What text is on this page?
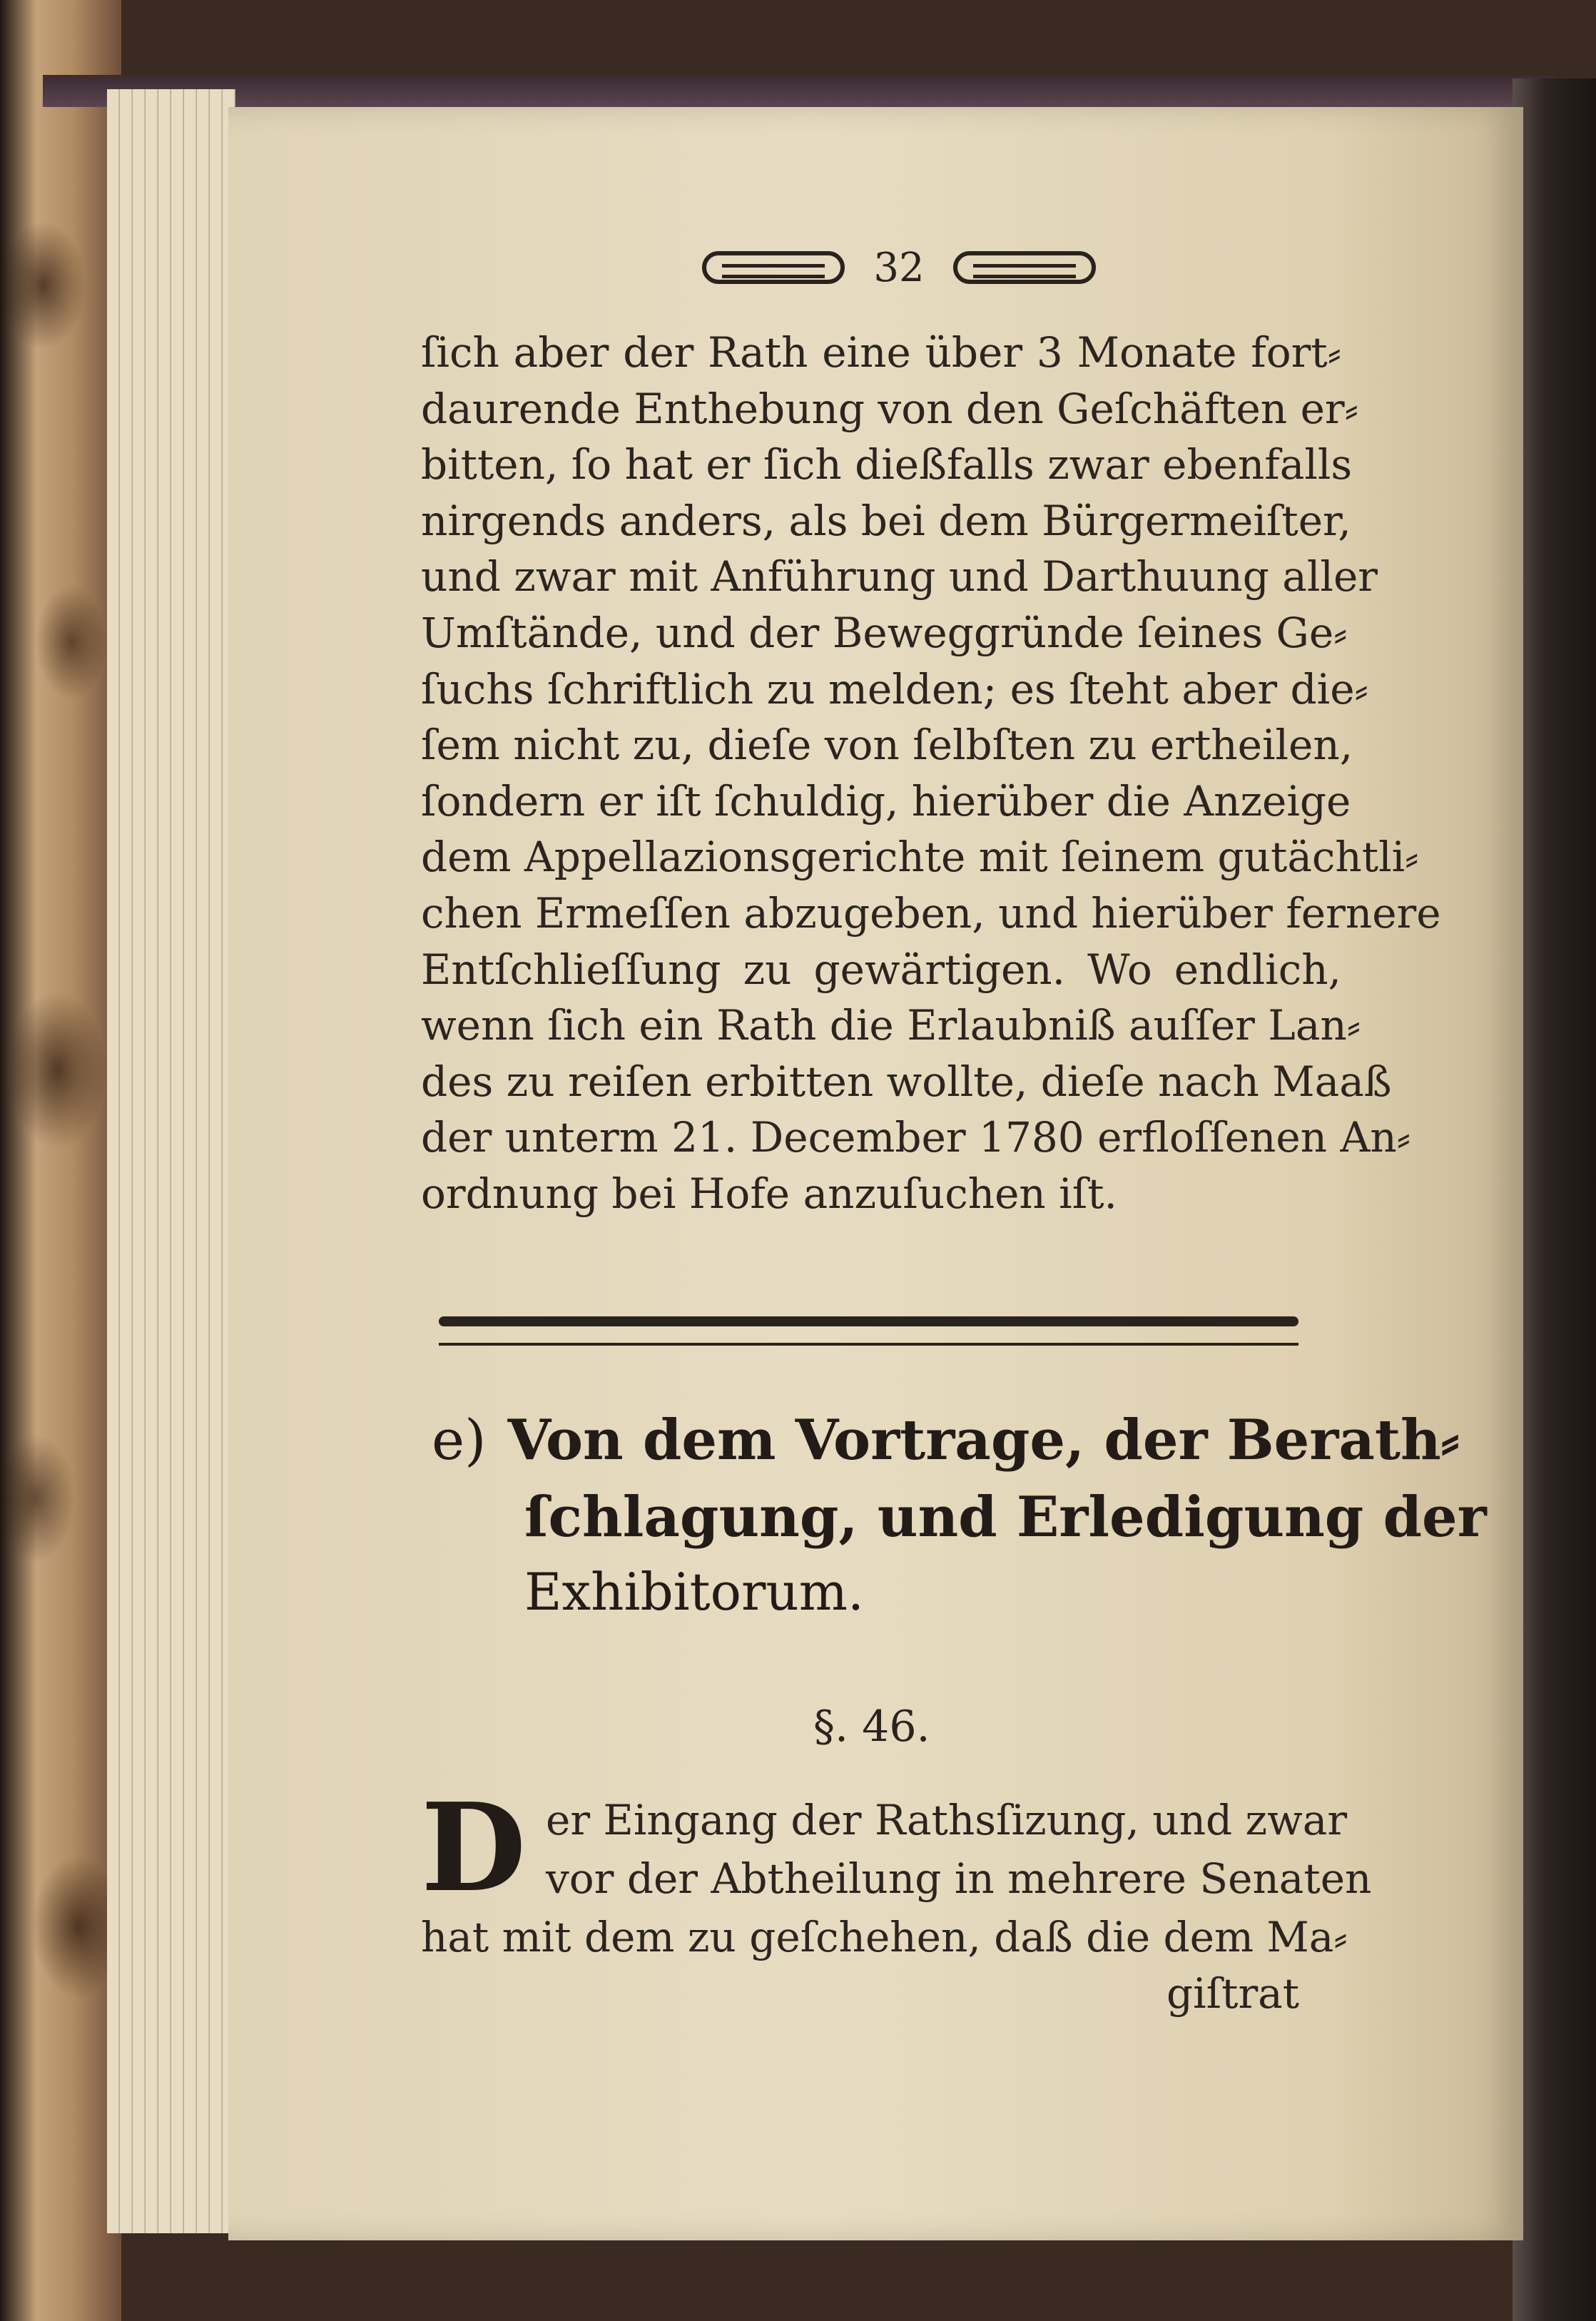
32
ſich aber der Rath eine über 3 Monate fort⸗
daurende Enthebung von den Geſchäften er⸗
bitten, ſo hat er ſich dießfalls zwar ebenfalls
nirgends anders, als bei dem Bürgermeiſter,
und zwar mit Anführung und Darthuung aller
Umſtände, und der Beweggründe ſeines Ge⸗
ſuchs ſchriftlich zu melden; es ſteht aber die⸗
ſem nicht zu, dieſe von ſelbſten zu ertheilen,
ſondern er iſt ſchuldig, hierüber die Anzeige
dem Appellazionsgerichte mit ſeinem gutächtli⸗
chen Ermeſſen abzugeben, und hierüber fernere
Entſchlieſſung zu gewärtigen. Wo endlich,
wenn ſich ein Rath die Erlaubniß auſſer Lan⸗
des zu reiſen erbitten wollte, dieſe nach Maaß
der unterm 21. December 1780 erfloſſenen An⸗
ordnung bei Hofe anzuſuchen iſt.
e) Von dem Vortrage, der Berath⸗
ſchlagung, und Erledigung der
Exhibitorum.
§. 46.
D er Eingang der Rathsſizung, und zwar
vor der Abtheilung in mehrere Senaten
hat mit dem zu geſchehen, daß die dem Ma⸗
giſtrat
